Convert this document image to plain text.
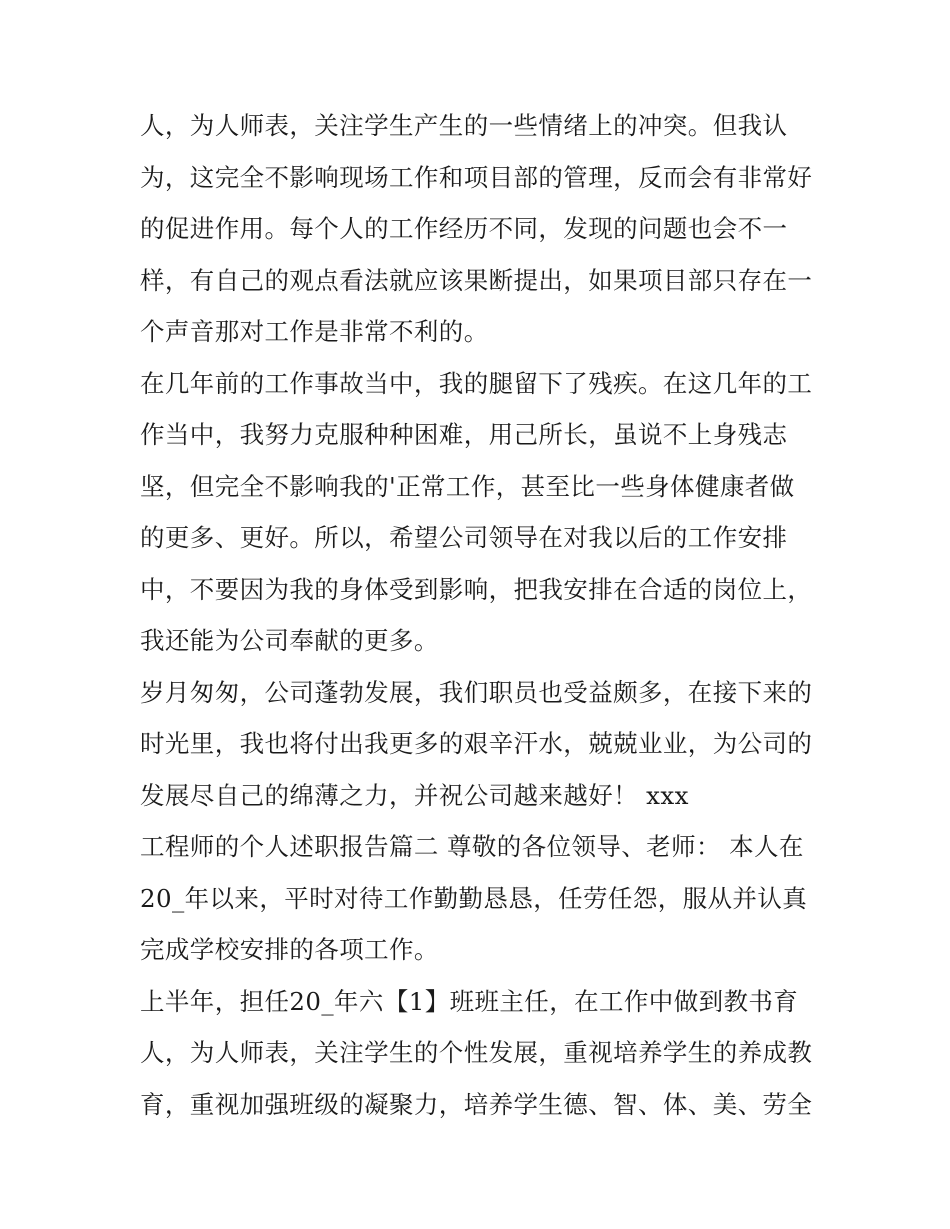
人，为人师表，关注学生产生的一些情绪上的冲突。但我认
为，这完全不影响现场工作和项目部的管理，反而会有非常好
的促进作用。每个人的工作经历不同，发现的问题也会不一
样，有自己的观点看法就应该果断提出，如果项目部只存在一
个声音那对工作是非常不利的。
在几年前的工作事故当中，我的腿留下了残疾。在这几年的工
作当中，我努力克服种种困难，用己所长，虽说不上身残志
坚，但完全不影响我的'正常工作，甚至比一些身体健康者做
的更多、更好。所以，希望公司领导在对我以后的工作安排
中，不要因为我的身体受到影响，把我安排在合适的岗位上，
我还能为公司奉献的更多。
岁月匆匆，公司蓬勃发展，我们职员也受益颇多，在接下来的
时光里，我也将付出我更多的艰辛汗水，兢兢业业，为公司的
发展尽自己的绵薄之力，并祝公司越来越好！ xxx
工程师的个人述职报告篇二 尊敬的各位领导、老师： 本人在
20_年以来，平时对待工作勤勤恳恳，任劳任怨，服从并认真
完成学校安排的各项工作。
上半年，担任20_年六【1】班班主任，在工作中做到教书育
人，为人师表，关注学生的个性发展，重视培养学生的养成教
育，重视加强班级的凝聚力，培养学生德、智、体、美、劳全
